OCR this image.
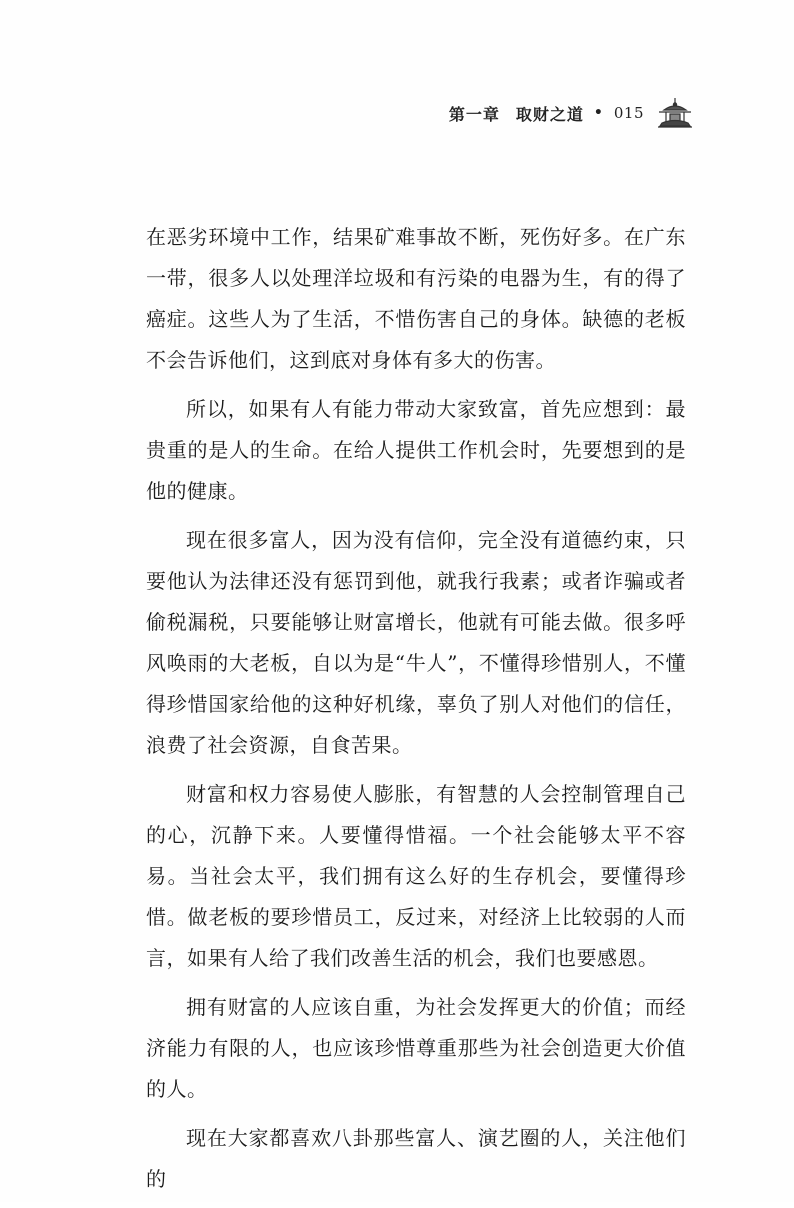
第一章 取财之道 • 015

在恶劣环境中工作，结果矿难事故不断，死伤好多。在广东一带，很多人以处理洋垃圾和有污染的电器为生，有的得了癌症。这些人为了生活，不惜伤害自己的身体。缺德的老板不会告诉他们，这到底对身体有多大的伤害。

所以，如果有人有能力带动大家致富，首先应想到：最贵重的是人的生命。在给人提供工作机会时，先要想到的是他的健康。

现在很多富人，因为没有信仰，完全没有道德约束，只要他认为法律还没有惩罚到他，就我行我素；或者诈骗或者偷税漏税，只要能够让财富增长，他就有可能去做。很多呼风唤雨的大老板，自以为是“牛人”，不懂得珍惜别人，不懂得珍惜国家给他的这种好机缘，辜负了别人对他们的信任，浪费了社会资源，自食苦果。

财富和权力容易使人膨胀，有智慧的人会控制管理自己的心，沉静下来。人要懂得惜福。一个社会能够太平不容易。当社会太平，我们拥有这么好的生存机会，要懂得珍惜。做老板的要珍惜员工，反过来，对经济上比较弱的人而言，如果有人给了我们改善生活的机会，我们也要感恩。

拥有财富的人应该自重，为社会发挥更大的价值；而经济能力有限的人，也应该珍惜尊重那些为社会创造更大价值的人。

现在大家都喜欢八卦那些富人、演艺圈的人，关注他们的
